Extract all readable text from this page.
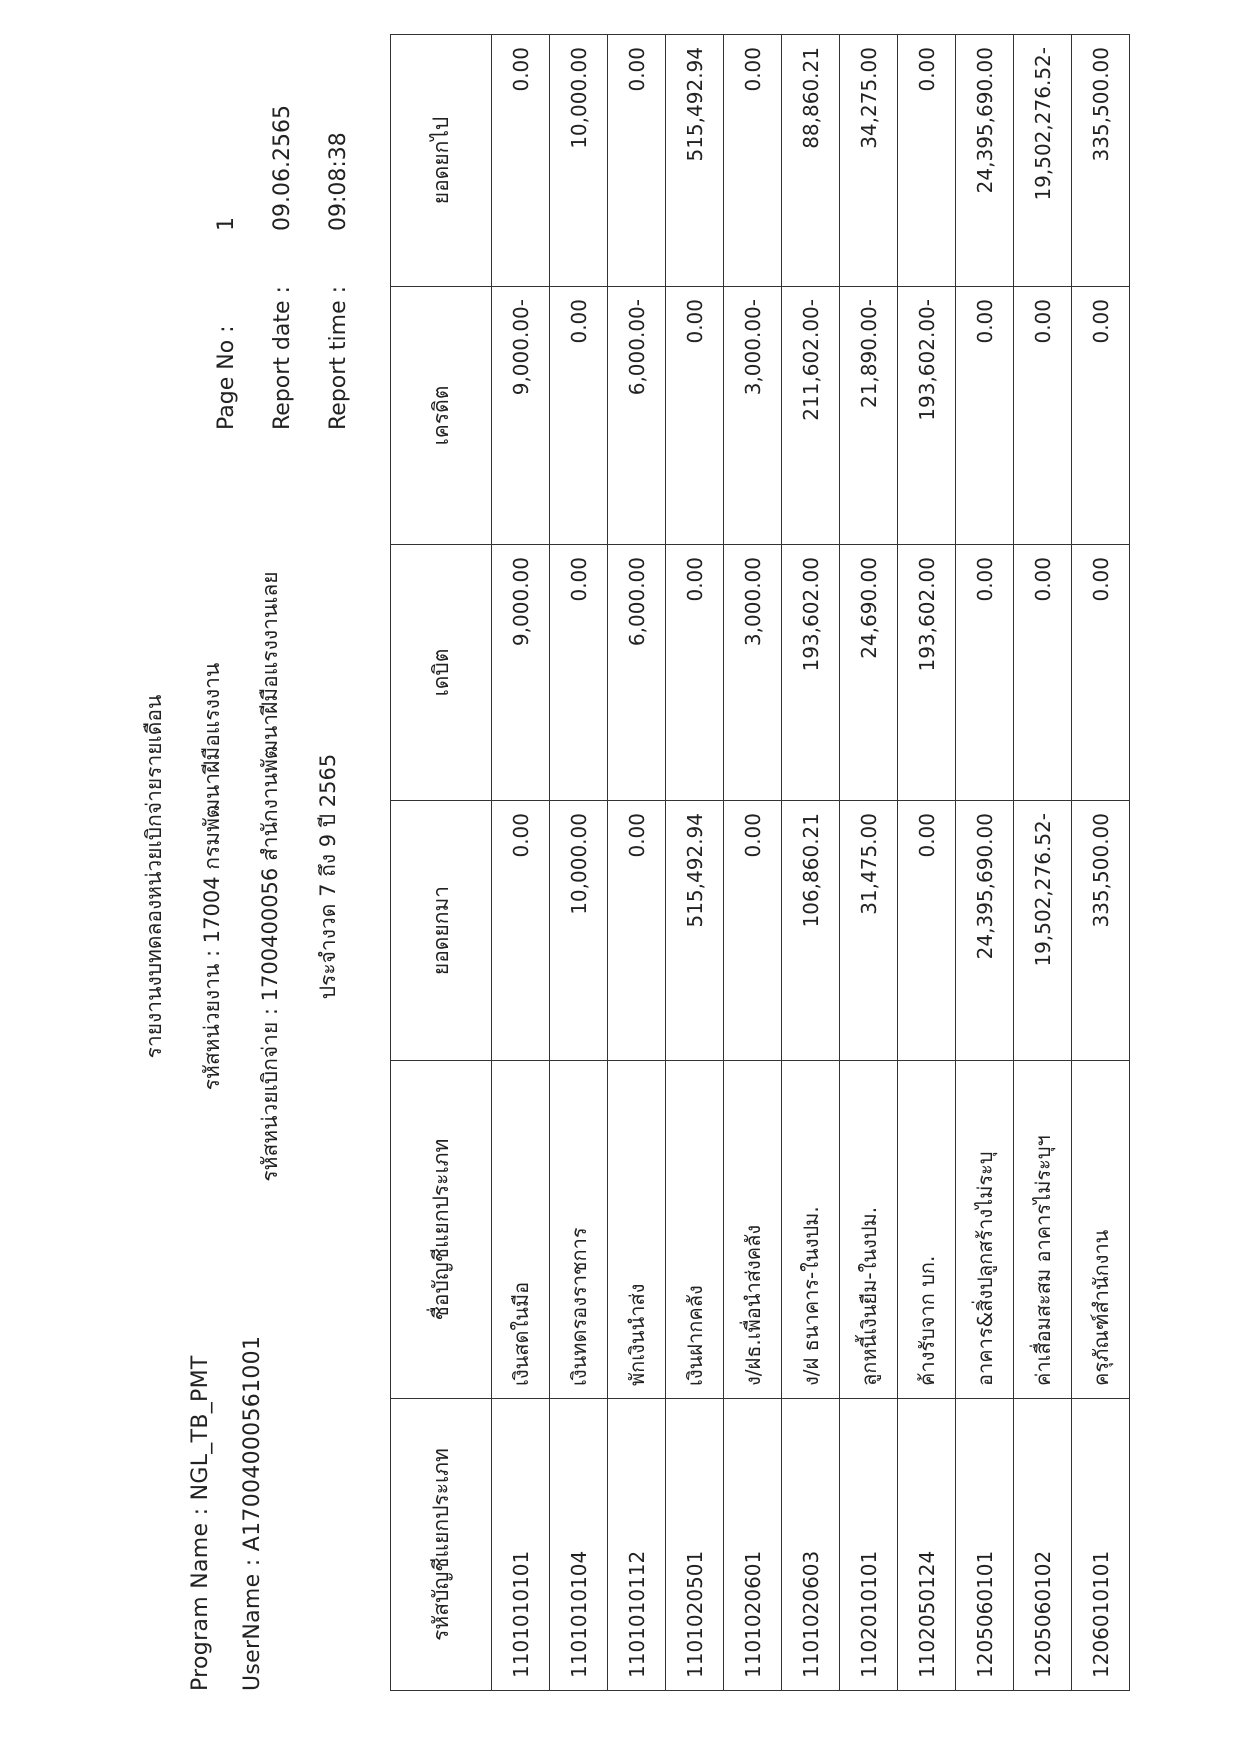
Program Name : NGL_TB_PMT UserName : A17004000561001
รายงานงบทดลองหน่วยเบิกจ่ายรายเดือน รหัสหน่วยงาน : 17004 กรมพัฒนาฝีมือแรงงาน รหัสหน่วยเบิกจ่าย : 1700400056 สำนักงานพัฒนาฝีมือแรงงานเลย ประจำงวด 7 ถึง 9 ปี 2565
Page No :
1
Report date :
09.06.2565
Report time :
09:08:38
รหัสบัญชีแยกประเภท	ชื่อบัญชีแยกประเภท	ยอดยกมา	เดบิต	เครดิต	ยอดยกไป
1101010101	เงินสดในมือ	0.00	9,000.00	9,000.00-	0.00
1101010104	เงินทดรองราชการ	10,000.00	0.00	0.00	10,000.00
1101010112	พักเงินนำส่ง	0.00	6,000.00	6,000.00-	0.00
1101020501	เงินฝากคลัง	515,492.94	0.00	0.00	515,492.94
1101020601	ง/ฝธ.เพื่อนำส่งคลัง	0.00	3,000.00	3,000.00-	0.00
1101020603	ง/ฝ ธนาคาร-ในงปม.	106,860.21	193,602.00	211,602.00-	88,860.21
1102010101	ลูกหนี้เงินยืม-ในงปม.	31,475.00	24,690.00	21,890.00-	34,275.00
1102050124	ค้างรับจาก บก.	0.00	193,602.00	193,602.00-	0.00
1205060101	อาคาร&สิ่งปลูกสร้างไม่ระบุ	24,395,690.00	0.00	0.00	24,395,690.00
1205060102	ค่าเสื่อมสะสม อาคารไม่ระบุฯ	19,502,276.52-	0.00	0.00	19,502,276.52-
1206010101	ครุภัณฑ์สำนักงาน	335,500.00	0.00	0.00	335,500.00
